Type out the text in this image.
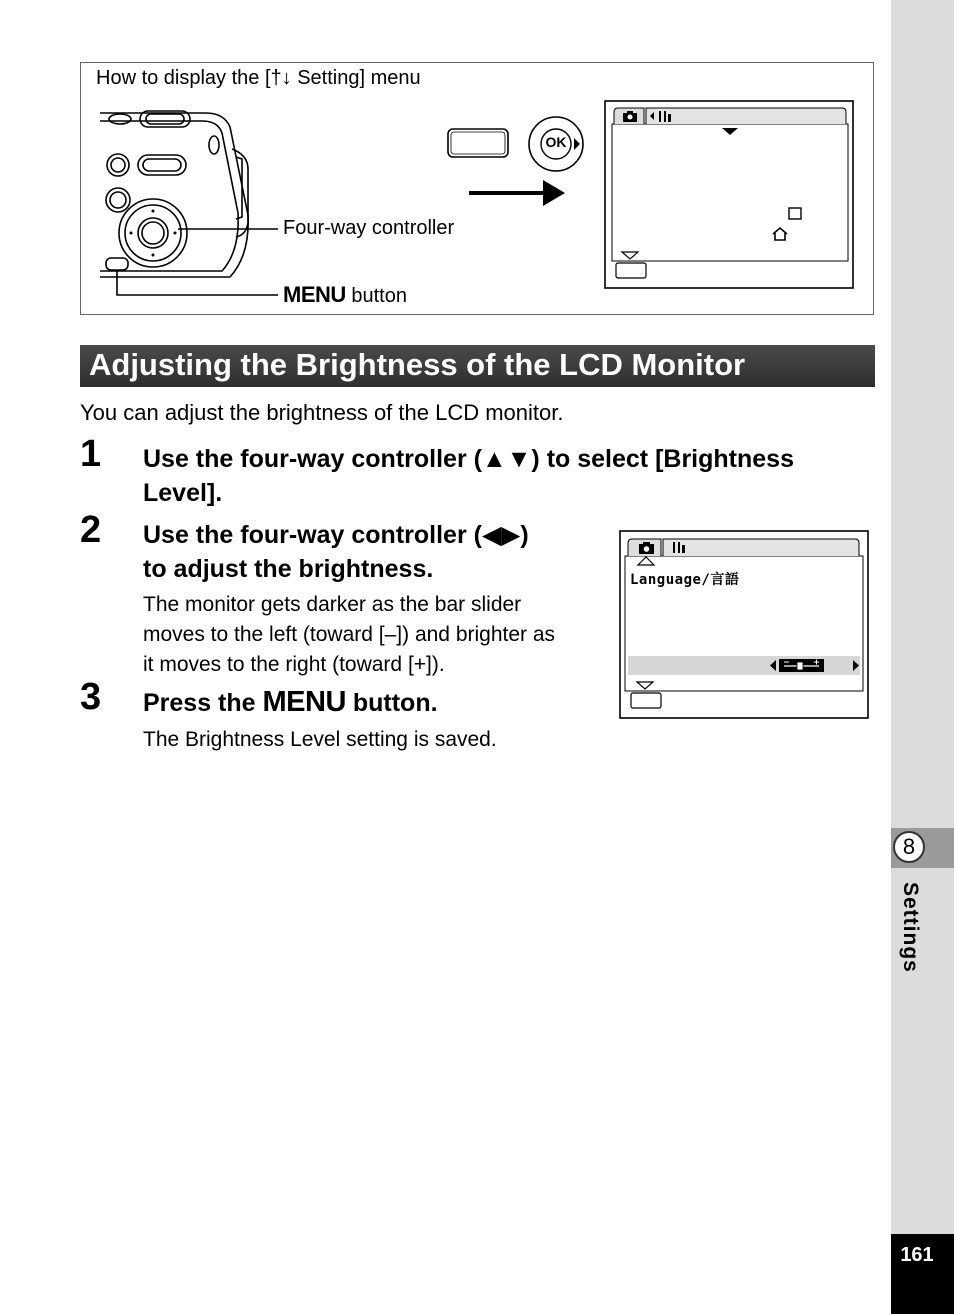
8
Settings
161
How to display the [†↓ Setting] menu
Four-way controller
MENU button
OK
Adjusting the Brightness of the LCD Monitor
You can adjust the brightness of the LCD monitor.
1 Use the four-way controller (▲▼) to select [Brightness
Level].
2 Use the four-way controller (◀▶)
to adjust the brightness.
The monitor gets darker as the bar slider
moves to the left (toward [–]) and brighter as
it moves to the right (toward [+]).
3 Press the MENU button.
The Brightness Level setting is saved.
Language/言語
